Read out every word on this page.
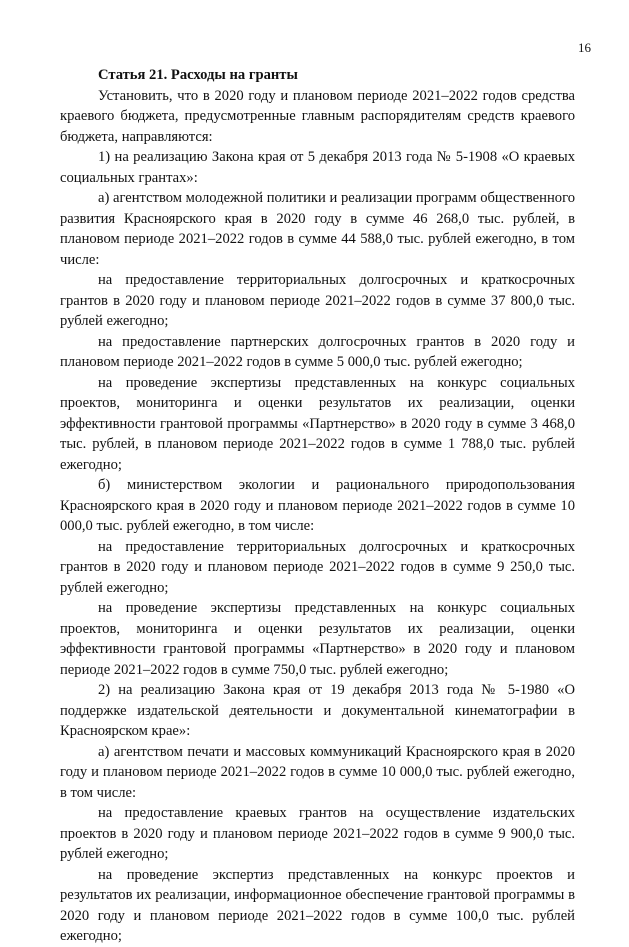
16

Статья 21. Расходы на гранты

Установить, что в 2020 году и плановом периоде 2021–2022 годов средства краевого бюджета, предусмотренные главным распорядителям средств краевого бюджета, направляются:

1) на реализацию Закона края от 5 декабря 2013 года № 5-1908 «О краевых социальных грантах»:

а) агентством молодежной политики и реализации программ общественного развития Красноярского края в 2020 году в сумме 46 268,0 тыс. рублей, в плановом периоде 2021–2022 годов в сумме 44 588,0 тыс. рублей ежегодно, в том числе:

на предоставление территориальных долгосрочных и краткосрочных грантов в 2020 году и плановом периоде 2021–2022 годов в сумме 37 800,0 тыс. рублей ежегодно;

на предоставление партнерских долгосрочных грантов в 2020 году и плановом периоде 2021–2022 годов в сумме 5 000,0 тыс. рублей ежегодно;

на проведение экспертизы представленных на конкурс социальных проектов, мониторинга и оценки результатов их реализации, оценки эффективности грантовой программы «Партнерство» в 2020 году в сумме 3 468,0 тыс. рублей, в плановом периоде 2021–2022 годов в сумме 1 788,0 тыс. рублей ежегодно;

б) министерством экологии и рационального природопользования Красноярского края в 2020 году и плановом периоде 2021–2022 годов в сумме 10 000,0 тыс. рублей ежегодно, в том числе:

на предоставление территориальных долгосрочных и краткосрочных грантов в 2020 году и плановом периоде 2021–2022 годов в сумме 9 250,0 тыс. рублей ежегодно;

на проведение экспертизы представленных на конкурс социальных проектов, мониторинга и оценки результатов их реализации, оценки эффективности грантовой программы «Партнерство» в 2020 году и плановом периоде 2021–2022 годов в сумме 750,0 тыс. рублей ежегодно;

2) на реализацию Закона края от 19 декабря 2013 года № 5-1980 «О поддержке издательской деятельности и документальной кинематографии в Красноярском крае»:

а) агентством печати и массовых коммуникаций Красноярского края в 2020 году и плановом периоде 2021–2022 годов в сумме 10 000,0 тыс. рублей ежегодно, в том числе:

на предоставление краевых грантов на осуществление издательских проектов в 2020 году и плановом периоде 2021–2022 годов в сумме 9 900,0 тыс. рублей ежегодно;

на проведение экспертиз представленных на конкурс проектов и результатов их реализации, информационное обеспечение грантовой программы в 2020 году и плановом периоде 2021–2022 годов в сумме 100,0 тыс. рублей ежегодно;
